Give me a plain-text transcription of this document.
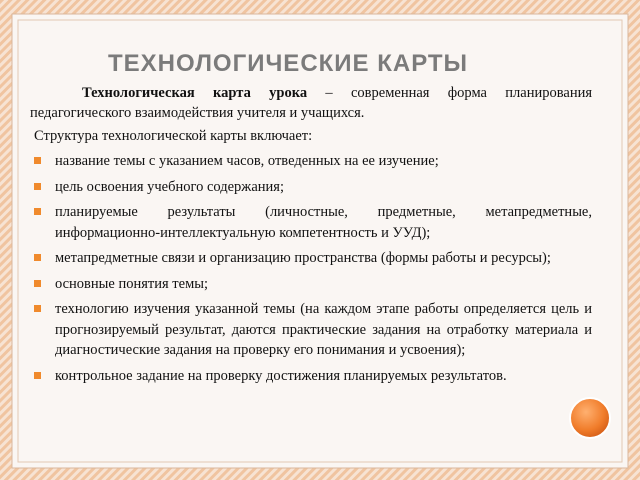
ТЕХНОЛОГИЧЕСКИЕ КАРТЫ

Технологическая карта урока – современная форма планирования педагогического взаимодействия учителя и учащихся.

Структура технологической карты включает:
название темы с указанием часов, отведенных на ее изучение;
цель освоения учебного содержания;
планируемые результаты (личностные, предметные, метапредметные, информационно-интеллектуальную компетентность и УУД);
метапредметные связи и организацию пространства (формы работы и ресурсы);
основные понятия темы;
технологию изучения указанной темы (на каждом этапе работы определяется цель и прогнозируемый результат, даются практические задания на отработку материала и диагностические задания на проверку его понимания и усвоения);
контрольное задание на проверку достижения планируемых результатов.
